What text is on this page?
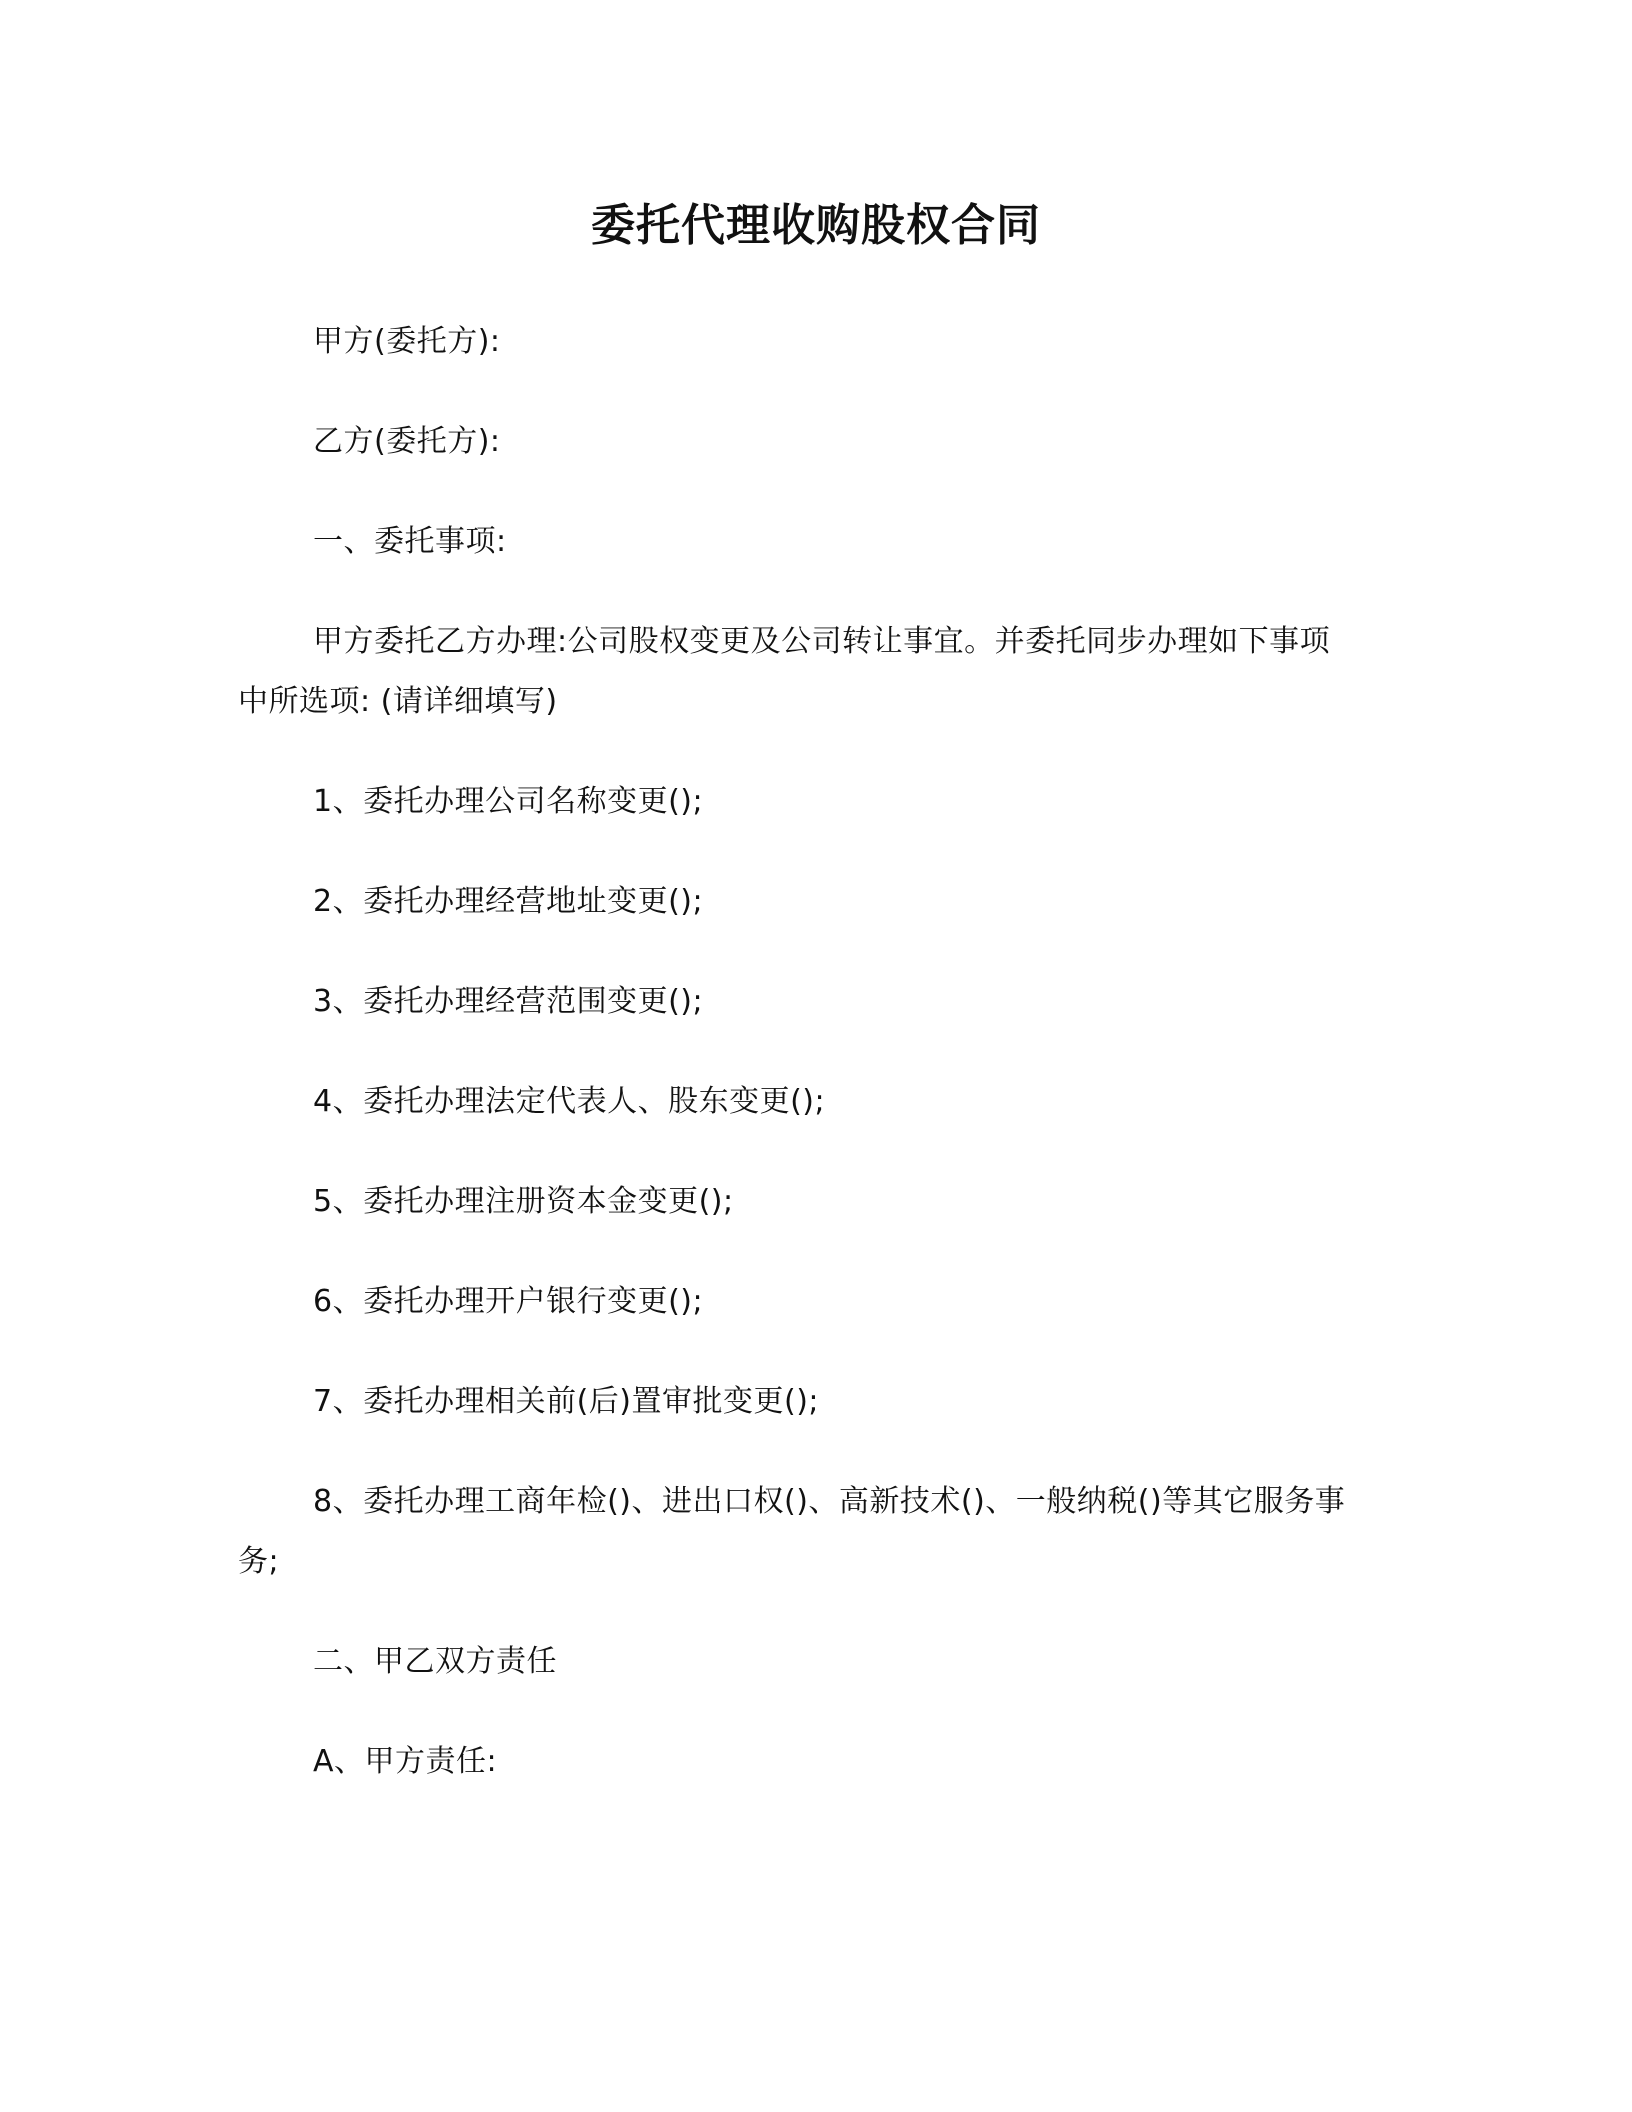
委托代理收购股权合同
甲方(委托方):
乙方(委托方):
一、委托事项:
甲方委托乙方办理:公司股权变更及公司转让事宜。并委托同步办理如下事项
中所选项: (请详细填写)
1、委托办理公司名称变更();
2、委托办理经营地址变更();
3、委托办理经营范围变更();
4、委托办理法定代表人、股东变更();
5、委托办理注册资本金变更();
6、委托办理开户银行变更();
7、委托办理相关前(后)置审批变更();
8、委托办理工商年检()、进出口权()、高新技术()、一般纳税()等其它服务事
务;
二、甲乙双方责任
A、甲方责任:
